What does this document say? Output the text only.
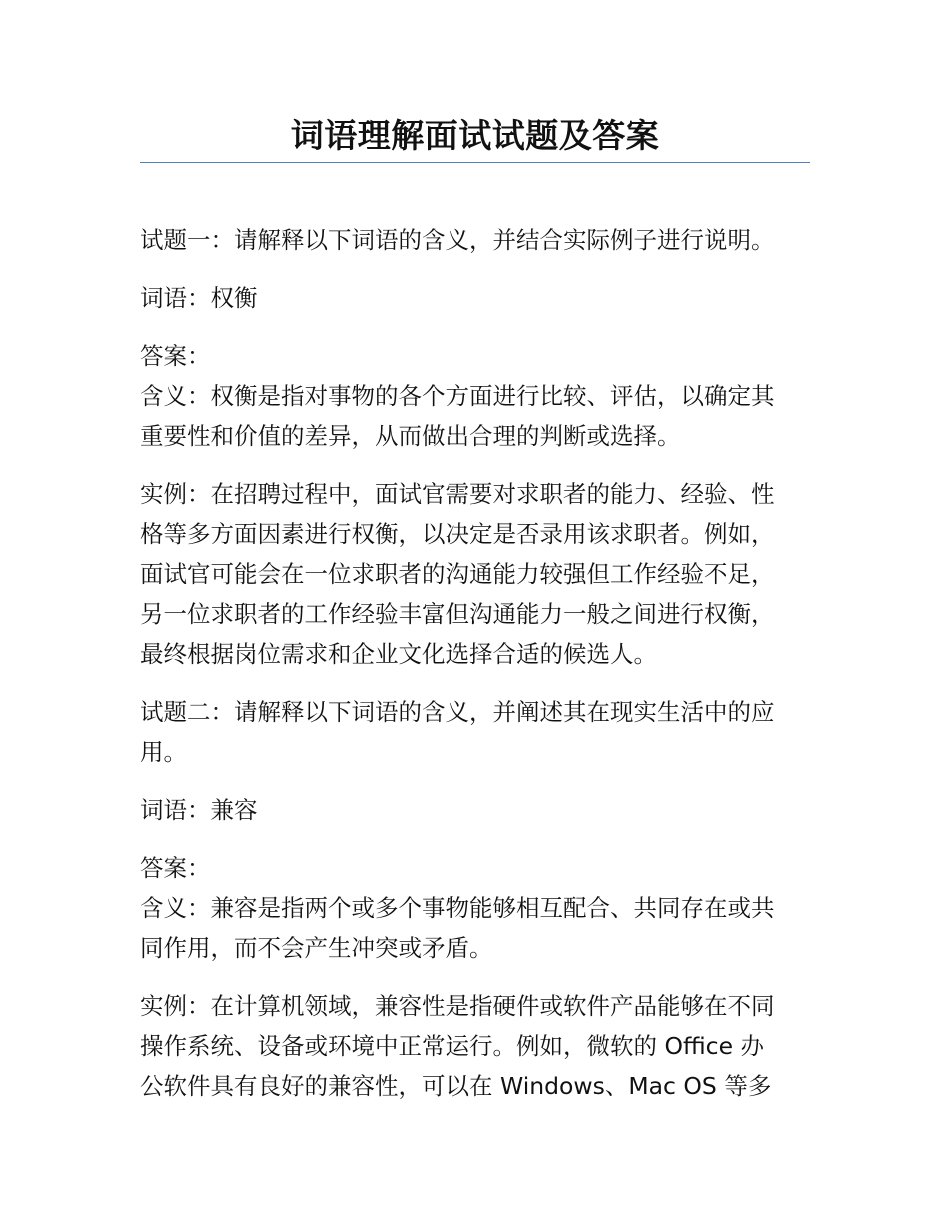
词语理解面试试题及答案

试题一：请解释以下词语的含义，并结合实际例子进行说明。

词语：权衡

答案：
含义：权衡是指对事物的各个方面进行比较、评估，以确定其
重要性和价值的差异，从而做出合理的判断或选择。

实例：在招聘过程中，面试官需要对求职者的能力、经验、性
格等多方面因素进行权衡，以决定是否录用该求职者。例如，
面试官可能会在一位求职者的沟通能力较强但工作经验不足，
另一位求职者的工作经验丰富但沟通能力一般之间进行权衡，
最终根据岗位需求和企业文化选择合适的候选人。

试题二：请解释以下词语的含义，并阐述其在现实生活中的应
用。

词语：兼容

答案：
含义：兼容是指两个或多个事物能够相互配合、共同存在或共
同作用，而不会产生冲突或矛盾。

实例：在计算机领域，兼容性是指硬件或软件产品能够在不同
操作系统、设备或环境中正常运行。例如，微软的 Office 办
公软件具有良好的兼容性，可以在 Windows、Mac OS 等多
